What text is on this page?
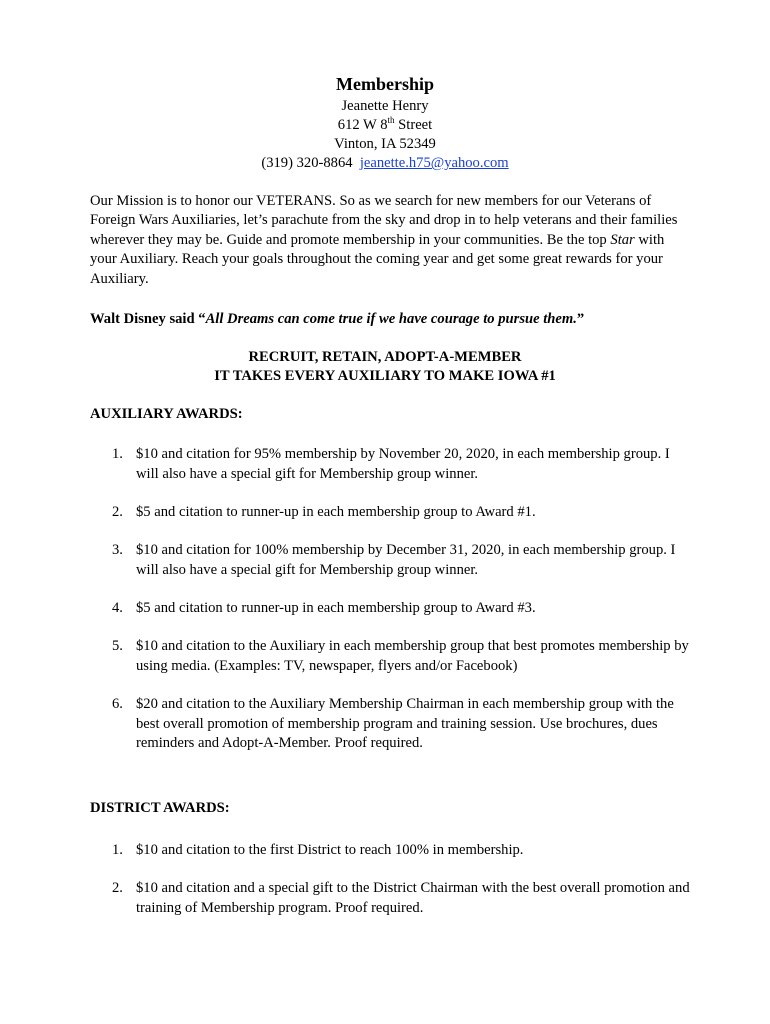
Membership
Jeanette Henry
612 W 8th Street
Vinton, IA 52349
(319) 320-8864 jeanette.h75@yahoo.com
Our Mission is to honor our VETERANS. So as we search for new members for our Veterans of Foreign Wars Auxiliaries, let’s parachute from the sky and drop in to help veterans and their families wherever they may be. Guide and promote membership in your communities. Be the top Star with your Auxiliary. Reach your goals throughout the coming year and get some great rewards for your Auxiliary.
Walt Disney said “All Dreams can come true if we have courage to pursue them.”
RECRUIT, RETAIN, ADOPT-A-MEMBER
IT TAKES EVERY AUXILIARY TO MAKE IOWA #1
AUXILIARY AWARDS:
1. $10 and citation for 95% membership by November 20, 2020, in each membership group. I will also have a special gift for Membership group winner.
2. $5 and citation to runner-up in each membership group to Award #1.
3. $10 and citation for 100% membership by December 31, 2020, in each membership group. I will also have a special gift for Membership group winner.
4. $5 and citation to runner-up in each membership group to Award #3.
5. $10 and citation to the Auxiliary in each membership group that best promotes membership by using media. (Examples: TV, newspaper, flyers and/or Facebook)
6. $20 and citation to the Auxiliary Membership Chairman in each membership group with the best overall promotion of membership program and training session. Use brochures, dues reminders and Adopt-A-Member. Proof required.
DISTRICT AWARDS:
1. $10 and citation to the first District to reach 100% in membership.
2. $10 and citation and a special gift to the District Chairman with the best overall promotion and training of Membership program. Proof required.
